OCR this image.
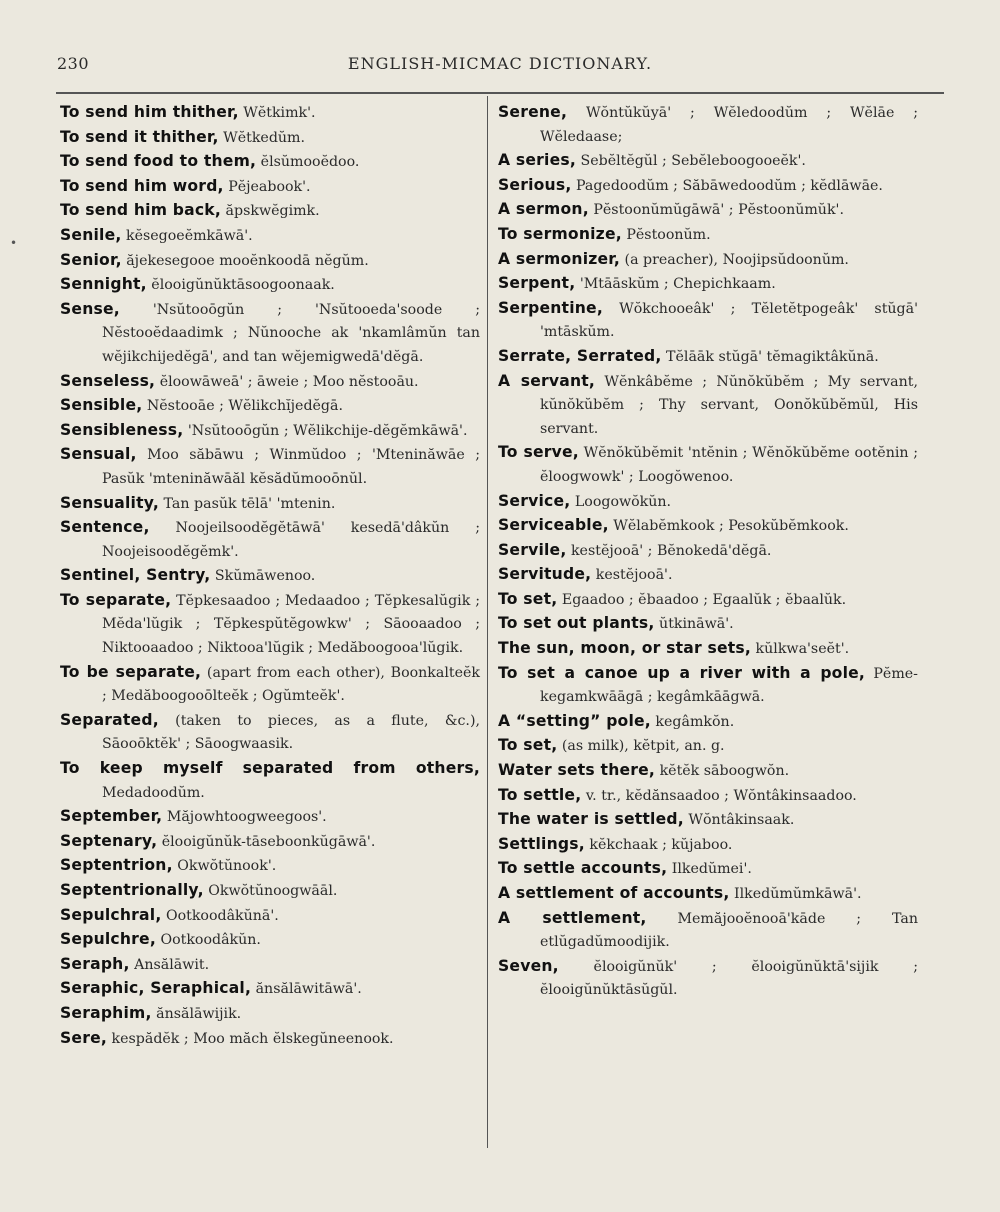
230	ENGLISH-MICMAC DICTIONARY.

To send him thither, Wĕtkimk'.

To send it thither, Wĕtkedŭm.

To send food to them, ĕlsŭmooĕdoo.

To send him word, Pĕjeabook'.

To send him back, ăpskwĕgimk.

Senile, kĕsegoeĕmkāwā'.

Senior, ăjekesegooe mooĕnkoodā nĕgŭm.

Sennight, ĕlooigŭnŭktāsoogoonaak.

Sense, 'Nsŭtooōgŭn ; 'Nsŭtooeda'soode ; Nĕstooĕdaadimk ; Nŭnooche ak 'nkamlâmŭn tan wĕjikchijedĕgā', and tan wĕjemigwedā'dĕgā.

Senseless, ĕloowāweā' ; āweie ; Moo nĕstooāu.

Sensible, Nĕstooāe ; Wĕlikchĭjedĕgā.

Sensibleness, 'Nsŭtooōgŭn ; Wĕlikchije-dĕgĕmkāwā'.

Sensual, Moo săbāwu ; Winmŭdoo ; 'Mteninăwāe ; Pasŭk 'mteninăwāăl kĕsădŭmooōnŭl.

Sensuality, Tan pasŭk tēlā' 'mtenin.

Sentence, Noojeilsoodĕgĕtāwā' kesedā'dâkŭn ; Noojeisoodĕgĕmk'.

Sentinel, Sentry, Skŭmāwenoo.

To separate, Tĕpkesaadoo ; Medaadoo ; Tĕpkesalŭgik ; Mĕda'lŭgik ; Tĕpkespŭtĕgowkw' ; Sāooaadoo ; Niktooaadoo ; Niktooa'lŭgik ; Medăboogooa'lŭgik.

To be separate, (apart from each other), Boonkalteĕk ; Medăboogooōlteĕk ; Ogŭmteĕk'.

Separated, (taken to pieces, as a flute, &c.), Sāooōktĕk' ; Sāoogwaasik.

To keep myself separated from others, Medadoodŭm.

September, Măjowhtoogweegoos'.

Septenary, ĕlooigŭnŭk-tāseboonkŭgāwā'.

Septentrion, Okwŏtŭnook'.

Septentrionally, Okwŏtŭnoogwāāl.

Sepulchral, Ootkoodâkŭnā'.

Sepulchre, Ootkoodâkŭn.

Seraph, Ansălāwit.

Seraphic, Seraphical, ănsălāwitāwā'.

Seraphim, ănsălāwijik.

Sere, kespădĕk ; Moo măch ĕlskegŭneenook.

Serene, Wŏntŭkŭyā' ; Wĕledoodŭm ; Wĕlāe ; Wĕledaase;

A series, Sebĕltĕgŭl ; Sebĕleboogooeĕk'.

Serious, Pagedoodŭm ; Săbāwedoodŭm ; kĕdlāwāe.

A sermon, Pĕstoonŭmŭgāwā' ; Pĕstoonŭmŭk'.

To sermonize, Pĕstoonŭm.

A sermonizer, (a preacher), Noojipsŭdoonŭm.

Serpent, 'Mtāāskŭm ; Chepichkaam.

Serpentine, Wŏkchooeâk' ; Tĕletĕtpogeâk' stŭgā' 'mtāskŭm.

Serrate, Serrated, Tĕlāāk stŭgā' tĕmagiktâkŭnā.

A servant, Wĕnkâbĕme ; Nŭnŏkŭbĕm ; My servant, kŭnŏkŭbĕm ; Thy servant, Oonŏkŭbĕmŭl, His servant.

To serve, Wĕnŏkŭbĕmit 'ntĕnin ; Wĕnŏkŭbĕme ootĕnin ; ĕloogwowk' ; Loogŏwenoo.

Service, Loogowŏkŭn.

Serviceable, Wĕlabĕmkook ; Pesokŭbĕmkook.

Servile, kestĕjooā' ; Bĕnokedā'dĕgā.

Servitude, kestĕjooā'.

To set, Egaadoo ; ĕbaadoo ; Egaalŭk ; ĕbaalŭk.

To set out plants, ŭtkināwā'.

The sun, moon, or star sets, kŭlkwa'seĕt'.

To set a canoe up a river with a pole, Pĕme-kegamkwāāgā ; kegâmkāāgwā.

A “setting” pole, kegâmkŏn.

To set, (as milk), kĕtpit, an. g.

Water sets there, kĕtĕk sāboogwŏn.

To settle, v. tr., kĕdănsaadoo ; Wŏntâkinsaadoo.

The water is settled, Wŏntâkinsaak.

Settlings, kĕkchaak ; kŭjaboo.

To settle accounts, Ilkedŭmei'.

A settlement of accounts, Ilkedŭmŭmkāwā'.

A settlement, Memăjooĕnooā'kāde ; Tan etlŭgadŭmoodijik.

Seven, ĕlooigŭnŭk' ; ĕlooigŭnŭktā'sijik ; ĕlooigŭnŭktāsŭgŭl.

•
